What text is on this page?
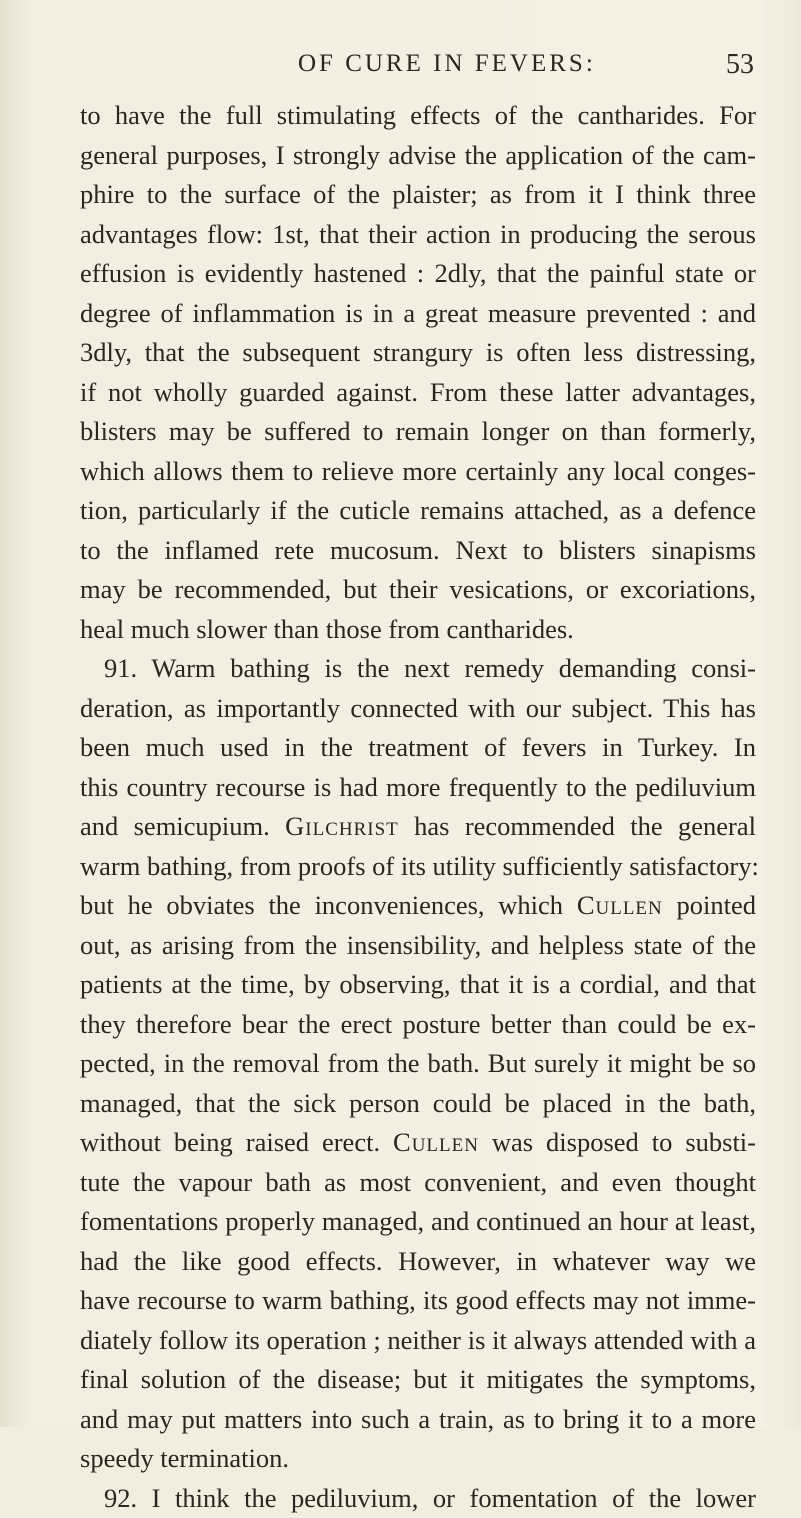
OF CURE IN FEVERS:	53
to have the full stimulating effects of the cantharides. For
general purposes, I strongly advise the application of the cam-
phire to the surface of the plaister; as from it I think three
advantages flow: 1st, that their action in producing the serous
effusion is evidently hastened : 2dly, that the painful state or
degree of inflammation is in a great measure prevented : and
3dly, that the subsequent strangury is often less distressing,
if not wholly guarded against. From these latter advantages,
blisters may be suffered to remain longer on than formerly,
which allows them to relieve more certainly any local conges-
tion, particularly if the cuticle remains attached, as a defence
to the inflamed rete mucosum. Next to blisters sinapisms
may be recommended, but their vesications, or excoriations,
heal much slower than those from cantharides.
91. Warm bathing is the next remedy demanding consi-
deration, as importantly connected with our subject. This has
been much used in the treatment of fevers in Turkey. In
this country recourse is had more frequently to the pediluvium
and semicupium. Gilchrist has recommended the general
warm bathing, from proofs of its utility sufficiently satisfactory:
but he obviates the inconveniences, which Cullen pointed
out, as arising from the insensibility, and helpless state of the
patients at the time, by observing, that it is a cordial, and that
they therefore bear the erect posture better than could be ex-
pected, in the removal from the bath. But surely it might be so
managed, that the sick person could be placed in the bath,
without being raised erect. Cullen was disposed to substi-
tute the vapour bath as most convenient, and even thought
fomentations properly managed, and continued an hour at least,
had the like good effects. However, in whatever way we
have recourse to warm bathing, its good effects may not imme-
diately follow its operation ; neither is it always attended with a
final solution of the disease; but it mitigates the symptoms,
and may put matters into such a train, as to bring it to a more
speedy termination.
92. I think the pediluvium, or fomentation of the lower
